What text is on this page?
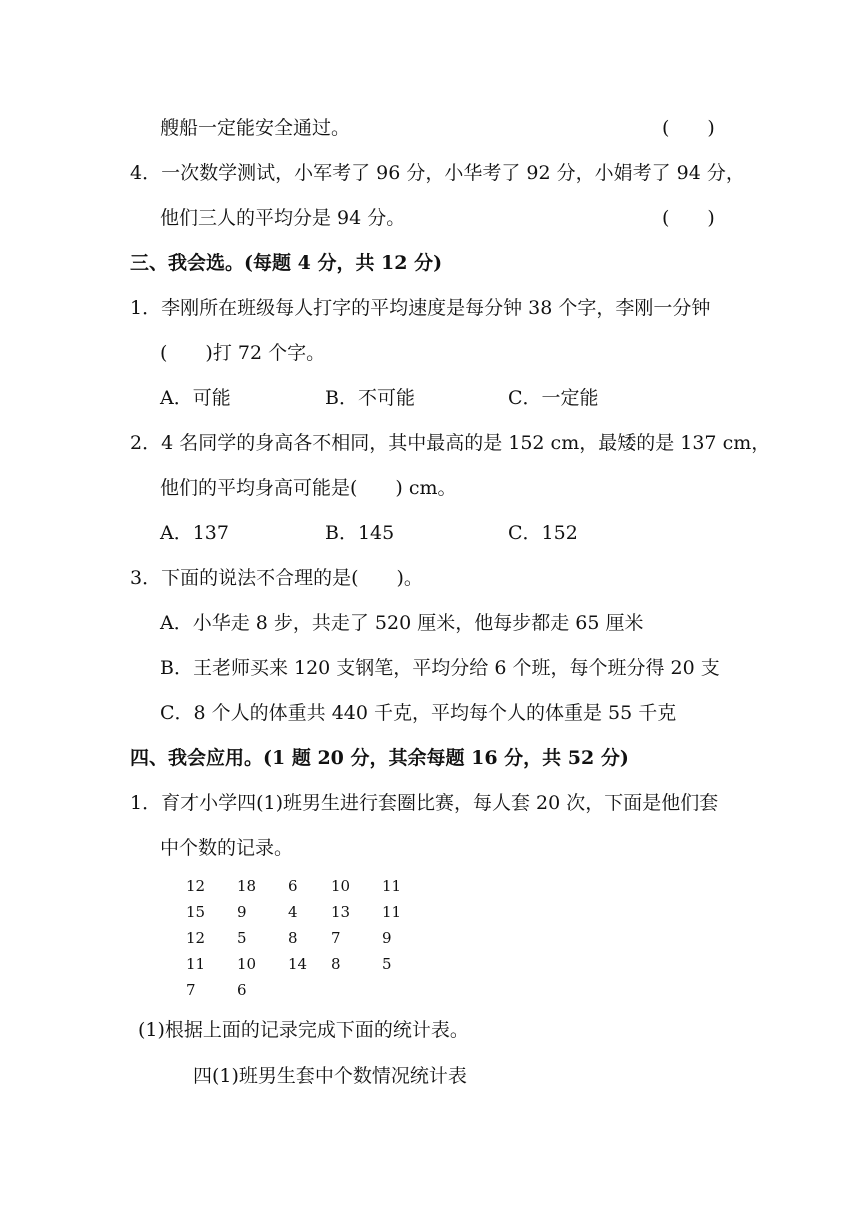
艘船一定能安全通过。	(　　)
4．一次数学测试，小军考了 96 分，小华考了 92 分，小娟考了 94 分，
他们三人的平均分是 94 分。	(　　)
三、我会选。(每题 4 分，共 12 分)
1．李刚所在班级每人打字的平均速度是每分钟 38 个字，李刚一分钟
(　　)打 72 个字。
A．可能	B．不可能	C．一定能
2．4 名同学的身高各不相同，其中最高的是 152 cm，最矮的是 137 cm，
他们的平均身高可能是(　　) cm。
A．137	B．145	C．152
3．下面的说法不合理的是(　　)。
A．小华走 8 步，共走了 520 厘米，他每步都走 65 厘米
B．王老师买来 120 支钢笔，平均分给 6 个班，每个班分得 20 支
C．8 个人的体重共 440 千克，平均每个人的体重是 55 千克
四、我会应用。(1 题 20 分，其余每题 16 分，共 52 分)
1．育才小学四(1)班男生进行套圈比赛，每人套 20 次，下面是他们套
中个数的记录。
12 18 6 10 11
15 9	4 13 11
12 5	8 7	9
11 10 14 8	5
7	6
(1)根据上面的记录完成下面的统计表。
四(1)班男生套中个数情况统计表
